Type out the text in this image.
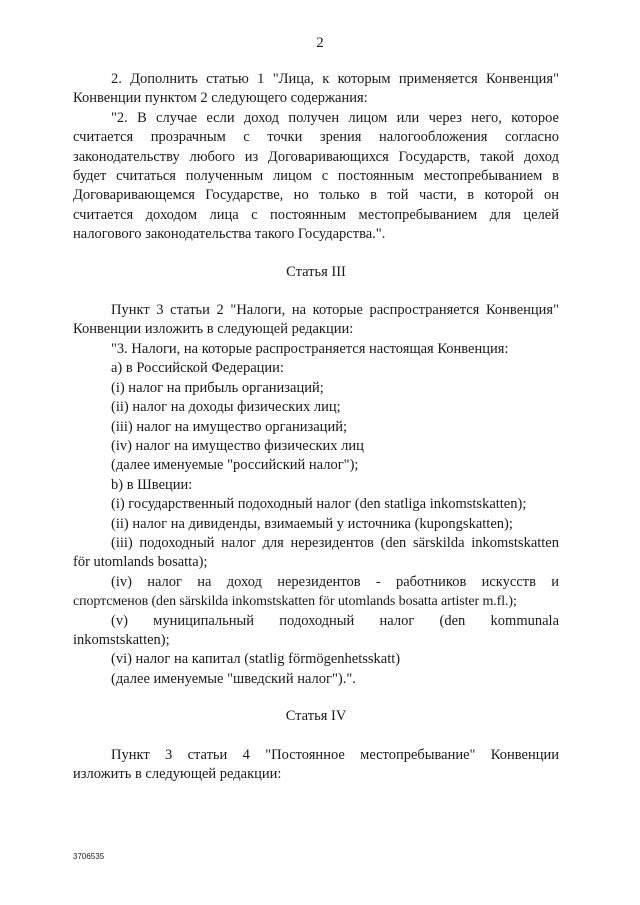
2

2. Дополнить статью 1 "Лица, к которым применяется Конвенция"

Конвенции пунктом 2 следующего содержания:

"2. В случае если доход получен лицом или через него, которое

считается прозрачным с точки зрения налогообложения согласно

законодательству любого из Договаривающихся Государств, такой доход

будет считаться полученным лицом с постоянным местопребыванием в

Договаривающемся Государстве, но только в той части, в которой он

считается доходом лица с постоянным местопребыванием для целей

налогового законодательства такого Государства.".

Статья III

Пункт 3 статьи 2 "Налоги, на которые распространяется Конвенция"

Конвенции изложить в следующей редакции:

"3. Налоги, на которые распространяется настоящая Конвенция:

a) в Российской Федерации:

(i) налог на прибыль организаций;

(ii) налог на доходы физических лиц;

(iii) налог на имущество организаций;

(iv) налог на имущество физических лиц

(далее именуемые "российский налог");

b) в Швеции:

(i) государственный подоходный налог (den statliga inkomstskatten);

(ii) налог на дивиденды, взимаемый у источника (kupongskatten);

(iii) подоходный налог для нерезидентов (den särskilda inkomstskatten

för utomlands bosatta);

(iv) налог на доход нерезидентов - работников искусств и

спортсменов (den särskilda inkomstskatten för utomlands bosatta artister m.fl.);

(v) муниципальный подоходный налог (den kommunala

inkomstskatten);

(vi) налог на капитал (statlig förmögenhetsskatt)

(далее именуемые "шведский налог").".

Статья IV

Пункт 3 статьи 4 "Постоянное местопребывание" Конвенции

изложить в следующей редакции:

3706535
